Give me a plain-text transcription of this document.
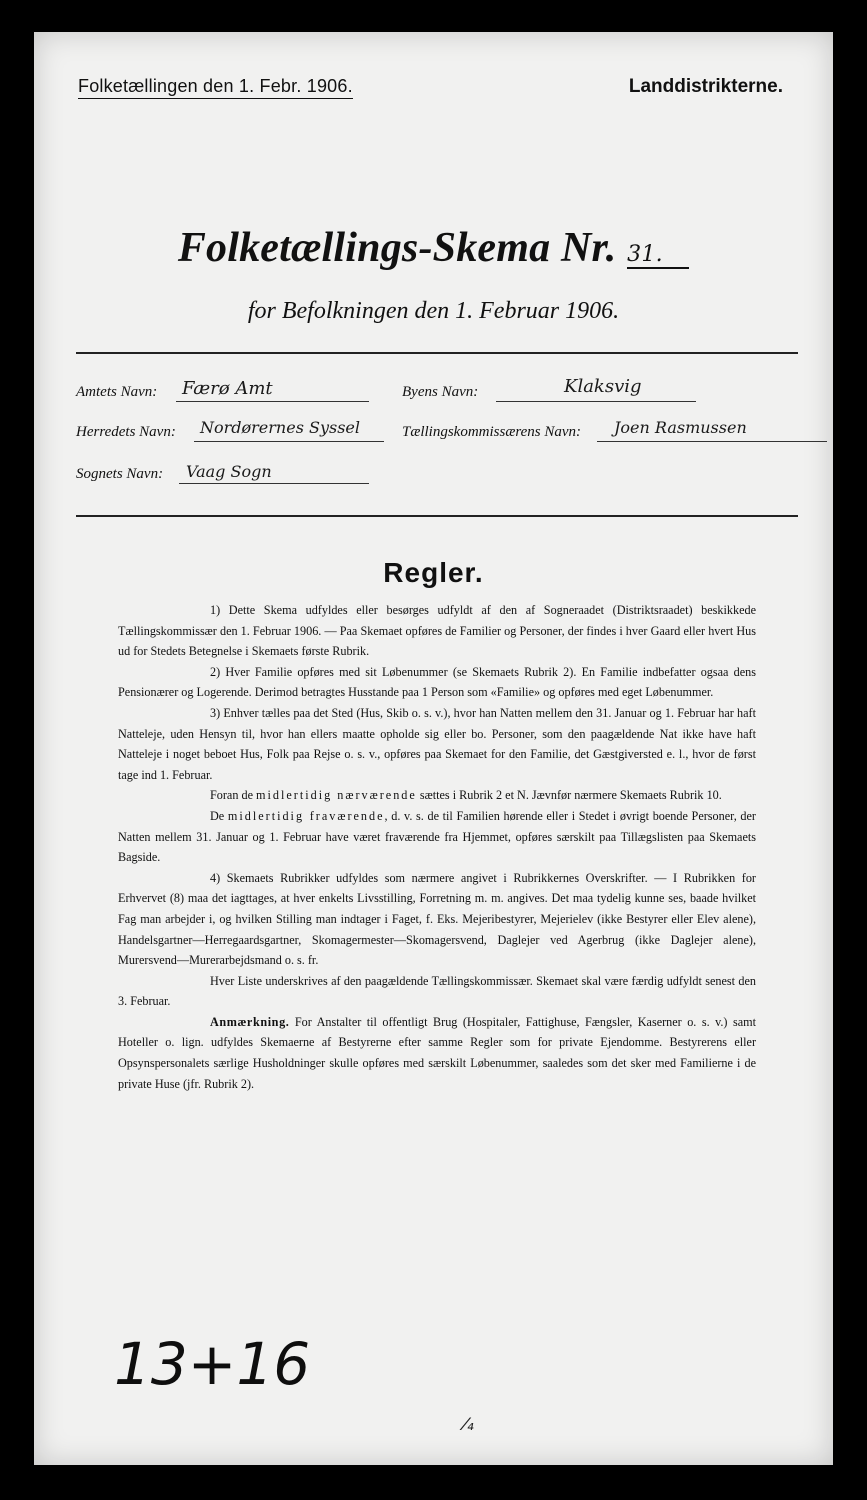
Folketællingen den 1. Febr. 1906.	Landdistrikterne.
Folketællings-Skema Nr. 31.
for Befolkningen den 1. Februar 1906.
Amtets Navn: Færø Amt	Byens Navn:	Klaksvig
Herredets Navn: Nordørernes Syssel	Tællingskommissærens Navn: Joen Rasmussen
Sognets Navn: Vaag Sogn
Regler.

1) Dette Skema udfyldes eller besørges udfyldt af den af Sogneraadet (Distriktsraadet) beskikkede Tællingskommissær den 1. Februar 1906. — Paa Skemaet opføres de Familier og Personer, der findes i hver Gaard eller hvert Hus ud for Stedets Betegnelse i Skemaets første Rubrik.

2) Hver Familie opføres med sit Løbenummer (se Skemaets Rubrik 2). En Familie indbefatter ogsaa dens Pensionærer og Logerende. Derimod betragtes Husstande paa 1 Person som «Familie» og opføres med eget Løbenummer.

3) Enhver tælles paa det Sted (Hus, Skib o. s. v.), hvor han Natten mellem den 31. Januar og 1. Februar har haft Natteleje, uden Hensyn til, hvor han ellers maatte opholde sig eller bo. Personer, som den paagældende Nat ikke have haft Natteleje i noget beboet Hus, Folk paa Rejse o. s. v., opføres paa Skemaet for den Familie, det Gæstgiversted e. l., hvor de først tage ind 1. Februar.

Foran de midlertidig nærværende sættes i Rubrik 2 et N. Jævnfør nærmere Skemaets Rubrik 10.

De midlertidig fraværende, d. v. s. de til Familien hørende eller i Stedet i øvrigt boende Personer, der Natten mellem 31. Januar og 1. Februar have været fraværende fra Hjemmet, opføres særskilt paa Tillægslisten paa Skemaets Bagside.

4) Skemaets Rubrikker udfyldes som nærmere angivet i Rubrikkernes Overskrifter. — I Rubrikken for Erhvervet (8) maa det iagttages, at hver enkelts Livsstilling, Forretning m. m. angives. Det maa tydelig kunne ses, baade hvilket Fag man arbejder i, og hvilken Stilling man indtager i Faget, f. Eks. Mejeribestyrer, Mejerielev (ikke Bestyrer eller Elev alene), Handelsgartner—Herregaardsgartner, Skomagermester—Skomagersvend, Daglejer ved Agerbrug (ikke Daglejer alene), Murersvend—Murerarbejdsmand o. s. fr.

Hver Liste underskrives af den paagældende Tællingskommissær. Skemaet skal være færdig udfyldt senest den 3. Februar.

Anmærkning. For Anstalter til offentligt Brug (Hospitaler, Fattighuse, Fængsler, Kaserner o. s. v.) samt Hoteller o. lign. udfyldes Skemaerne af Bestyrerne efter samme Regler som for private Ejendomme. Bestyrerens eller Opsynspersonalets særlige Husholdninger skulle opføres med særskilt Løbenummer, saaledes som det sker med Familierne i de private Huse (jfr. Rubrik 2).

13+16
⁄₄
